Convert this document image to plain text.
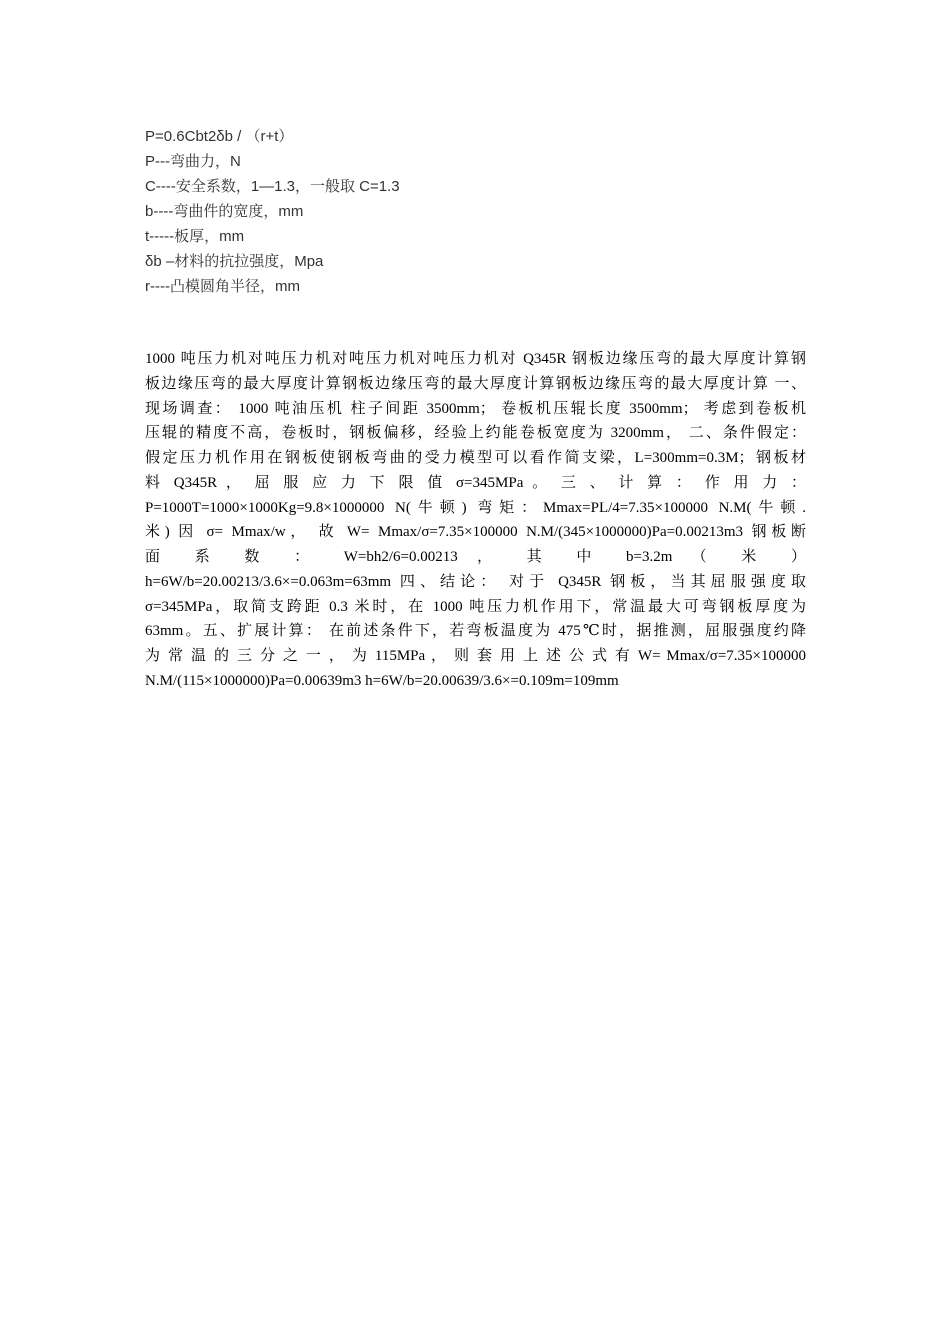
P=0.6Cbt2δb / （r+t）
P---弯曲力，N
C----安全系数，1—1.3，一般取 C=1.3
b----弯曲件的宽度，mm
t-----板厚，mm
δb –材料的抗拉强度，Mpa
r----凸模圆角半径，mm
1000 吨压力机对吨压力机对吨压力机对吨压力机对 Q345R 钢板边缘压弯的最大厚度计算钢
板边缘压弯的最大厚度计算钢板边缘压弯的最大厚度计算钢板边缘压弯的最大厚度计算 一、
现场调查： 1000 吨油压机 柱子间距 3500mm； 卷板机压辊长度 3500mm； 考虑到卷板机
压辊的精度不高，卷板时，钢板偏移，经验上约能卷板宽度为 3200mm， 二、条件假定：
假定压力机作用在钢板使钢板弯曲的受力模型可以看作简支梁，L=300mm=0.3M；钢板材
料 Q345R ， 屈 服 应 力 下 限 值 σ=345MPa 。 三 、 计 算 ： 作 用 力 ：
P=1000T=1000×1000Kg=9.8×1000000 N(牛顿) 弯矩：Mmax=PL/4=7.35×100000 N.M(牛顿.
米) 因 σ= Mmax/w， 故 W= Mmax/σ=7.35×100000 N.M/(345×1000000)Pa=0.00213m3 钢板断
面 系 数 ： W=bh2/6=0.00213 ， 其 中 b=3.2m （ 米 ）
h=6W/b=20.00213/3.6×=0.063m=63mm 四、结论： 对于 Q345R 钢板，当其屈服强度取
σ=345MPa，取简支跨距 0.3 米时，在 1000 吨压力机作用下，常温最大可弯钢板厚度为
63mm。五、扩展计算： 在前述条件下，若弯板温度为 475℃时，据推测，屈服强度约降
为 常 温 的 三 分 之 一 ， 为 115MPa ， 则 套 用 上 述 公 式 有 W= Mmax/σ=7.35×100000
N.M/(115×1000000)Pa=0.00639m3 h=6W/b=20.00639/3.6×=0.109m=109mm
